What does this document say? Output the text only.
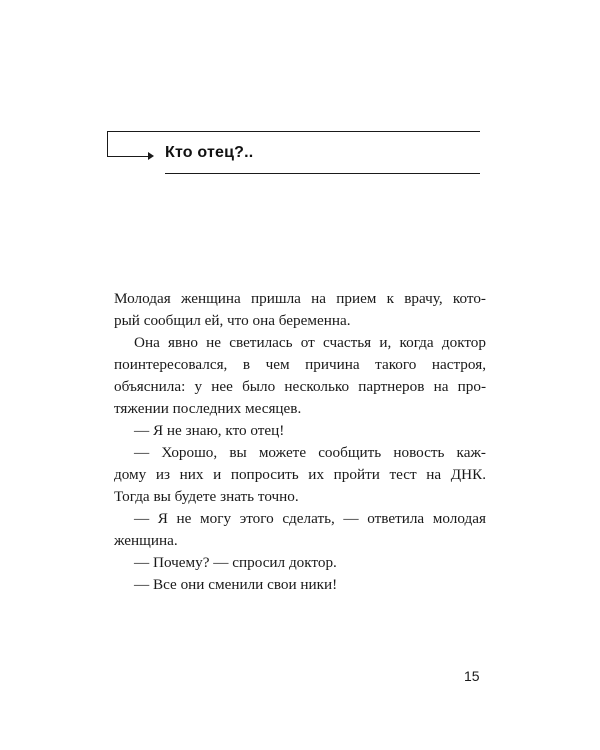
Кто отец?..
Молодая женщина пришла на прием к врачу, кото-
рый сообщил ей, что она беременна.
Она явно не светилась от счастья и, когда доктор
поинтересовался, в чем причина такого настроя,
объяснила: у нее было несколько партнеров на про-
тяжении последних месяцев.
— Я не знаю, кто отец!
— Хорошо, вы можете сообщить новость каж-
дому из них и попросить их пройти тест на ДНК.
Тогда вы будете знать точно.
— Я не могу этого сделать, — ответила молодая
женщина.
— Почему? — спросил доктор.
— Все они сменили свои ники!
15
